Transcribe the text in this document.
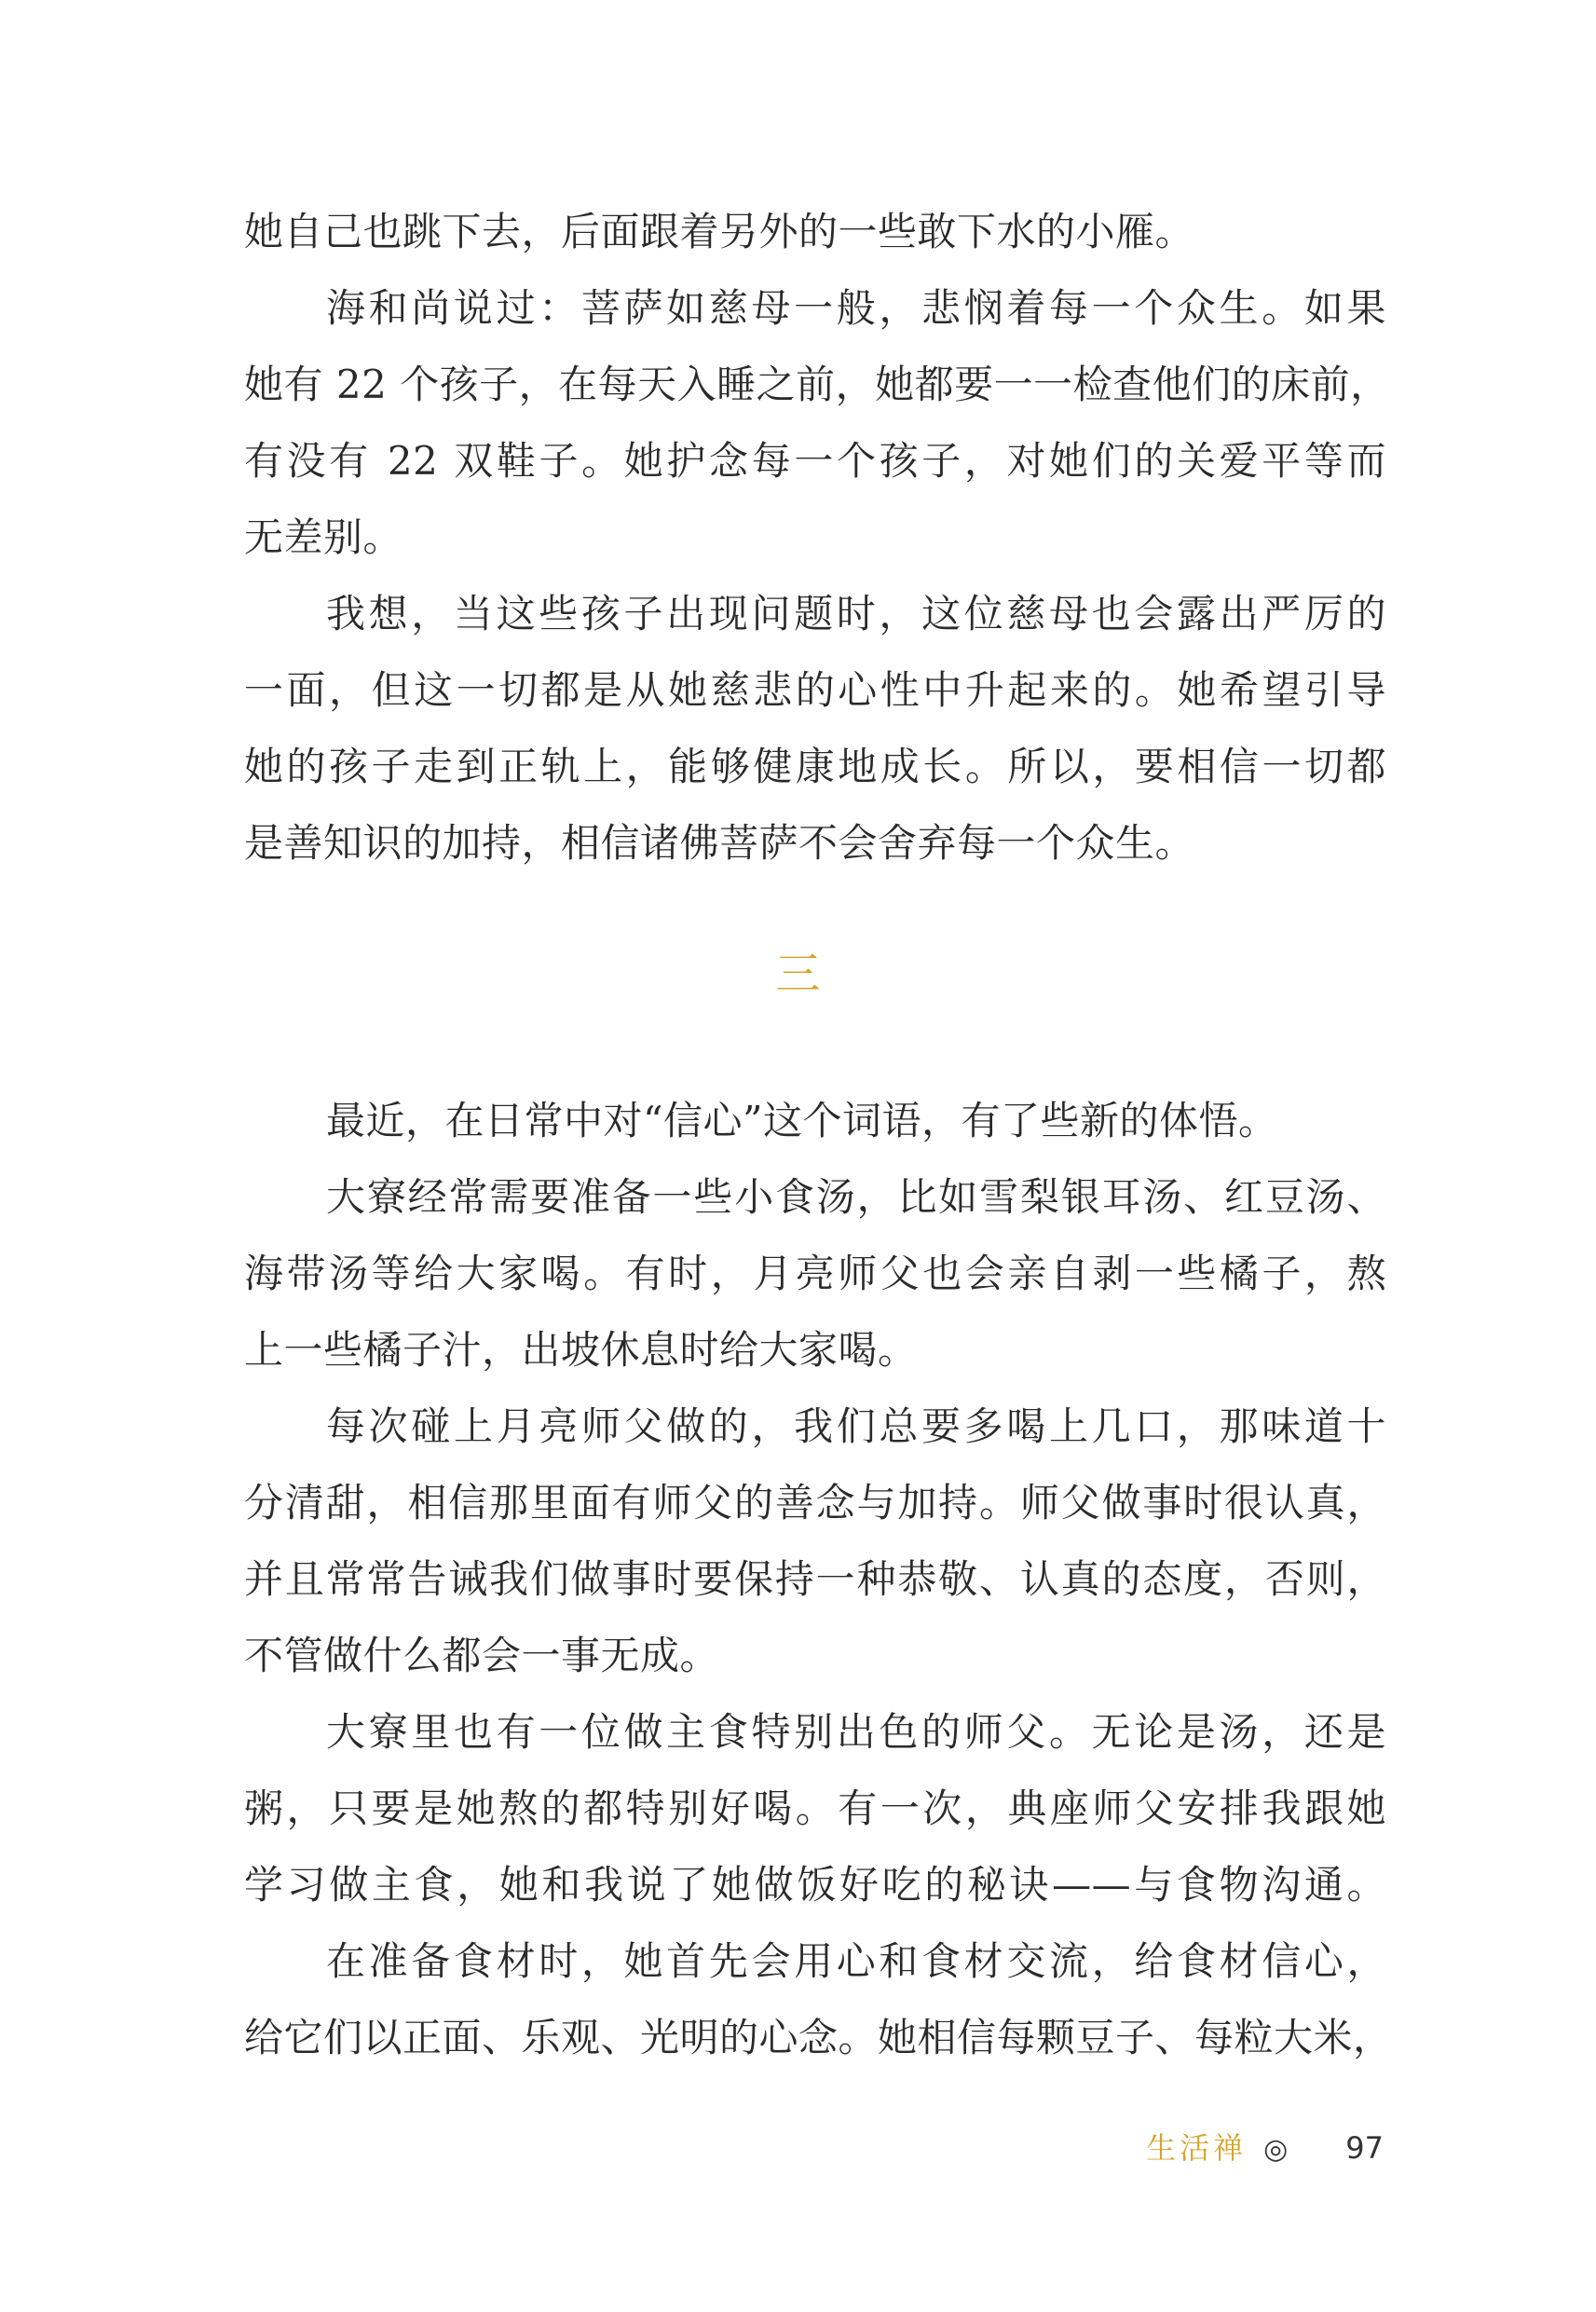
她自己也跳下去，后面跟着另外的一些敢下水的小雁。
海和尚说过：菩萨如慈母一般，悲悯着每一个众生。如果
她有 22 个孩子，在每天入睡之前，她都要一一检查他们的床前，
有没有 22 双鞋子。她护念每一个孩子，对她们的关爱平等而
无差别。
我想，当这些孩子出现问题时，这位慈母也会露出严厉的
一面，但这一切都是从她慈悲的心性中升起来的。她希望引导
她的孩子走到正轨上，能够健康地成长。所以，要相信一切都
是善知识的加持，相信诸佛菩萨不会舍弃每一个众生。
三
最近，在日常中对“信心”这个词语，有了些新的体悟。
大寮经常需要准备一些小食汤，比如雪梨银耳汤、红豆汤、
海带汤等给大家喝。有时，月亮师父也会亲自剥一些橘子，熬
上一些橘子汁，出坡休息时给大家喝。
每次碰上月亮师父做的，我们总要多喝上几口，那味道十
分清甜，相信那里面有师父的善念与加持。师父做事时很认真，
并且常常告诫我们做事时要保持一种恭敬、认真的态度，否则，
不管做什么都会一事无成。
大寮里也有一位做主食特别出色的师父。无论是汤，还是
粥，只要是她熬的都特别好喝。有一次，典座师父安排我跟她
学习做主食，她和我说了她做饭好吃的秘诀——与食物沟通。
在准备食材时，她首先会用心和食材交流，给食材信心，
给它们以正面、乐观、光明的心念。她相信每颗豆子、每粒大米，
生活禅 ◎ 97
